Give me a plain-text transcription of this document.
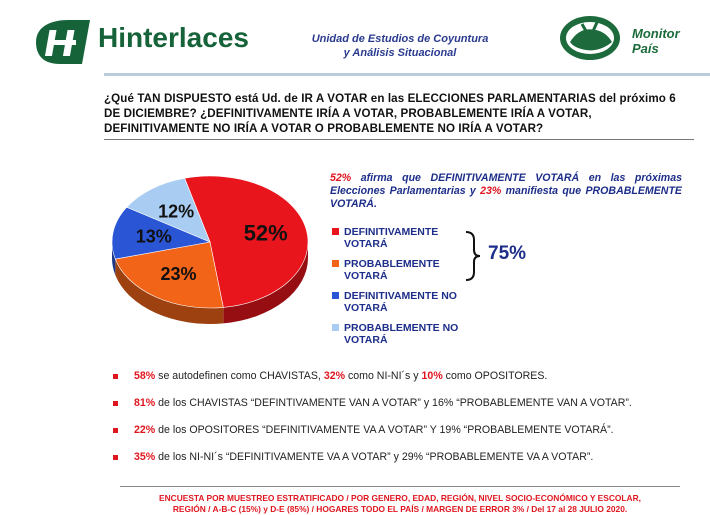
Hinterlaces	Unidad de Estudios de Coyuntura
y Análisis Situacional
Monitor
País
¿Qué TAN DISPUESTO está Ud. de IR A VOTAR en las ELECCIONES PARLAMENTARIAS del próximo 6 DE DICIEMBRE? ¿DEFINITIVAMENTE IRÍA A VOTAR, PROBABLEMENTE IRÍA A VOTAR, DEFINITIVAMENTE NO IRÍA A VOTAR O PROBABLEMENTE NO IRÍA A VOTAR?
52%
23%
13%
12%
52% afirma que DEFINITIVAMENTE VOTARÁ en las próximas Elecciones Parlamentarias y 23% manifiesta que PROBABLEMENTE VOTARÁ.
DEFINITIVAMENTE VOTARÁ
PROBABLEMENTE VOTARÁ
DEFINITIVAMENTE NO VOTARÁ
PROBABLEMENTE NO VOTARÁ
75%
58% se autodefinen como CHAVISTAS, 32% como NI-NI´s y 10% como OPOSITORES.
81% de los CHAVISTAS “DEFINTIVAMENTE VAN A VOTAR” y 16% “PROBABLEMENTE VAN A VOTAR”.
22% de los OPOSITORES “DEFINITIVAMENTE VA A VOTAR” Y 19% “PROBABLEMENTE VOTARÁ”.
35% de los NI-NI´s “DEFINITIVAMENTE VA A VOTAR” y 29% “PROBABLEMENTE VA A VOTAR”.
ENCUESTA POR MUESTREO ESTRATIFICADO / POR GENERO, EDAD, REGIÓN, NIVEL SOCIO-ECONÓMICO Y ESCOLAR,
REGIÓN / A-B-C (15%) y D-E (85%) / HOGARES TODO EL PAÍS / MARGEN DE ERROR 3% / Del 17 al 28 JULIO 2020.
